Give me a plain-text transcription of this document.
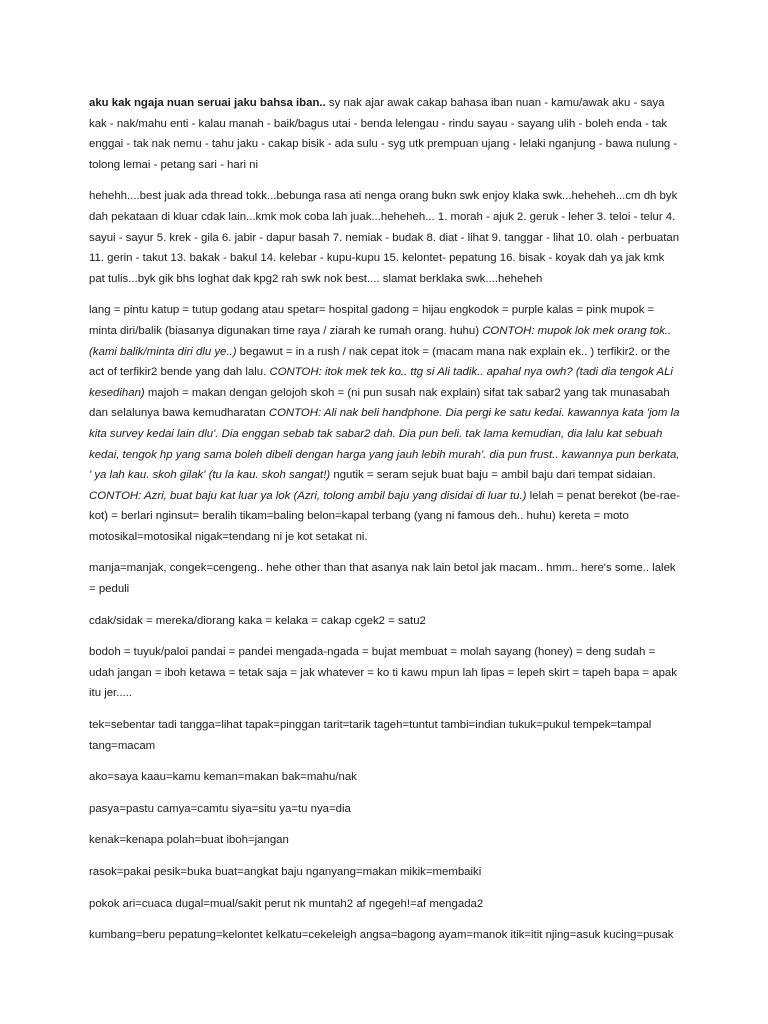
aku kak ngaja nuan seruai jaku bahsa iban.. sy nak ajar awak cakap bahasa iban nuan - kamu/awak aku - saya kak - nak/mahu enti - kalau manah - baik/bagus utai - benda lelengau - rindu sayau - sayang ulih - boleh enda - tak enggai - tak nak nemu - tahu jaku - cakap bisik - ada sulu - syg utk prempuan ujang - lelaki nganjung - bawa nulung - tolong lemai - petang sari - hari ni

hehehh....best juak ada thread tokk...bebunga rasa ati nenga orang bukn swk enjoy klaka swk...heheheh...cm dh byk dah pekataan di kluar cdak lain...kmk mok coba lah juak...heheheh... 1. morah - ajuk 2. geruk - leher 3. teloi - telur 4. sayui - sayur 5. krek - gila 6. jabir - dapur basah 7. nemiak - budak 8. diat - lihat 9. tanggar - lihat 10. olah - perbuatan 11. gerin - takut 13. bakak - bakul 14. kelebar - kupu-kupu 15. kelontet- pepatung 16. bisak - koyak dah ya jak kmk pat tulis...byk gik bhs loghat dak kpg2 rah swk nok best.... slamat berklaka swk....heheheh

lang = pintu katup = tutup godang atau spetar= hospital gadong = hijau engkodok = purple kalas = pink mupok = minta diri/balik (biasanya digunakan time raya / ziarah ke rumah orang. huhu) CONTOH: mupok lok mek orang tok.. (kami balik/minta diri dlu ye..) begawut = in a rush / nak cepat itok = (macam mana nak explain ek.. ) terfikir2. or the act of terfikir2 bende yang dah lalu. CONTOH: itok mek tek ko.. ttg si Ali tadik.. apahal nya owh? (tadi dia tengok ALi kesedihan) majoh = makan dengan gelojoh skoh = (ni pun susah nak explain) sifat tak sabar2 yang tak munasabah dan selalunya bawa kemudharatan CONTOH: Ali nak beli handphone. Dia pergi ke satu kedai. kawannya kata 'jom la kita survey kedai lain dlu'. Dia enggan sebab tak sabar2 dah. Dia pun beli. tak lama kemudian, dia lalu kat sebuah kedai, tengok hp yang sama boleh dibeli dengan harga yang jauh lebih murah'. dia pun frust.. kawannya pun berkata, ' ya lah kau. skoh gilak' (tu la kau. skoh sangat!) ngutik = seram sejuk buat baju = ambil baju dari tempat sidaian. CONTOH: Azri, buat baju kat luar ya lok (Azri, tolong ambil baju yang disidai di luar tu.) lelah = penat berekot (be-rae-kot) = berlari nginsut= beralih tikam=baling belon=kapal terbang (yang ni famous deh.. huhu) kereta = moto motosikal=motosikal nigak=tendang ni je kot setakat ni.

manja=manjak, congek=cengeng.. hehe other than that asanya nak lain betol jak macam.. hmm.. here's some.. lalek = peduli

cdak/sidak = mereka/diorang kaka = kelaka = cakap cgek2 = satu2

bodoh = tuyuk/paloi pandai = pandei mengada-ngada = bujat membuat = molah sayang (honey) = deng sudah = udah jangan = iboh ketawa = tetak saja = jak whatever = ko ti kawu mpun lah lipas = lepeh skirt = tapeh bapa = apak itu jer.....

tek=sebentar tadi tangga=lihat tapak=pinggan tarit=tarik tageh=tuntut tambi=indian tukuk=pukul tempek=tampal tang=macam

ako=saya kaau=kamu keman=makan bak=mahu/nak

pasya=pastu camya=camtu siya=situ ya=tu nya=dia

kenak=kenapa polah=buat iboh=jangan

rasok=pakai pesik=buka buat=angkat baju nganyang=makan mikik=membaiki

pokok ari=cuaca dugal=mual/sakit perut nk muntah2 af ngegeh!=af mengada2

kumbang=beru pepatung=kelontet kelkatu=cekeleigh angsa=bagong ayam=manok itik=itit njing=asuk kucing=pusak
